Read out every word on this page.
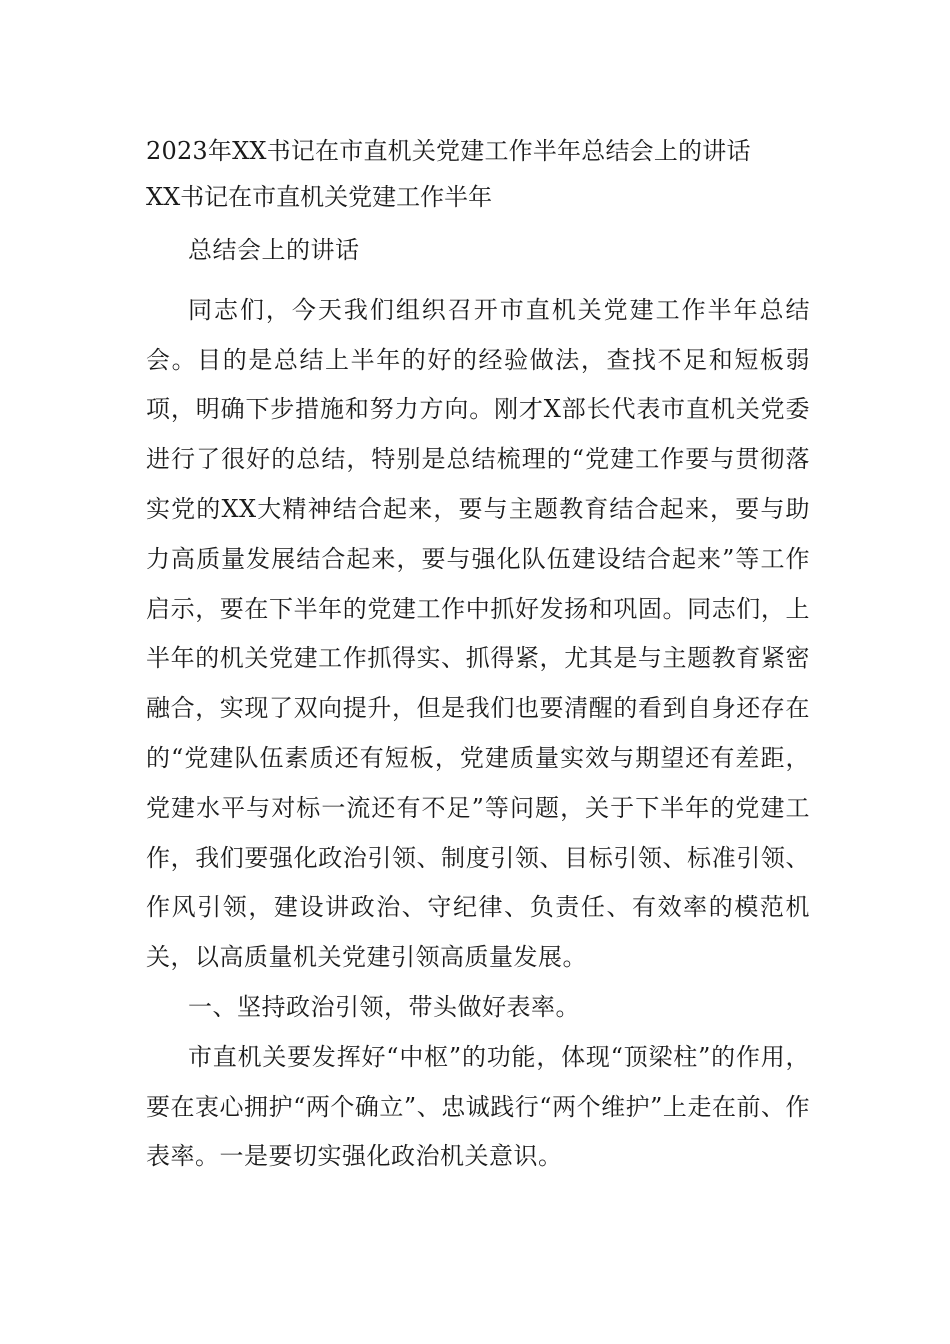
2023年XX书记在市直机关党建工作半年总结会上的讲话
XX书记在市直机关党建工作半年

总结会上的讲话

同志们，今天我们组织召开市直机关党建工作半年总结会。目的是总结上半年的好的经验做法，查找不足和短板弱项，明确下步措施和努力方向。刚才X部长代表市直机关党委进行了很好的总结，特别是总结梳理的“党建工作要与贯彻落实党的XX大精神结合起来，要与主题教育结合起来，要与助力高质量发展结合起来，要与强化队伍建设结合起来”等工作启示，要在下半年的党建工作中抓好发扬和巩固。同志们，上半年的机关党建工作抓得实、抓得紧，尤其是与主题教育紧密融合，实现了双向提升，但是我们也要清醒的看到自身还存在的“党建队伍素质还有短板，党建质量实效与期望还有差距，党建水平与对标一流还有不足”等问题，关于下半年的党建工作，我们要强化政治引领、制度引领、目标引领、标准引领、作风引领，建设讲政治、守纪律、负责任、有效率的模范机关，以高质量机关党建引领高质量发展。

一、坚持政治引领，带头做好表率。

市直机关要发挥好“中枢”的功能，体现“顶梁柱”的作用，要在衷心拥护“两个确立”、忠诚践行“两个维护”上走在前、作表率。一是要切实强化政治机关意识。
